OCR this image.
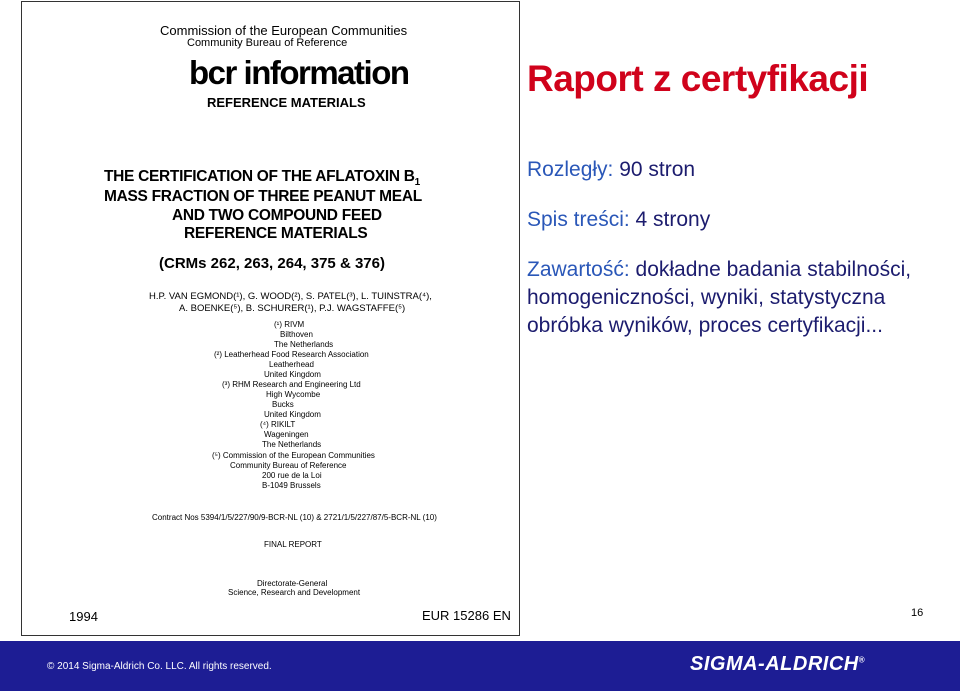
Commission of the European Communities
Community Bureau of Reference
bcr information
REFERENCE MATERIALS
THE CERTIFICATION OF THE AFLATOXIN $B_1$
MASS FRACTION OF THREE PEANUT MEAL
AND TWO COMPOUND FEED
REFERENCE MATERIALS
(CRMs 262, 263, 264, 375 & 376)
H.P. VAN EGMOND(¹), G. WOOD(²), S. PATEL(³), L. TUINSTRA(⁴),
A. BOENKE(⁵), B. SCHURER(¹), P.J. WAGSTAFFE(⁵)
(¹) RIVM
Bilthoven
The Netherlands
(²) Leatherhead Food Research Association
Leatherhead
United Kingdom
(³) RHM Research and Engineering Ltd
High Wycombe
Bucks
United Kingdom
(⁴) RIKILT
Wageningen
The Netherlands
(⁵) Commission of the European Communities
Community Bureau of Reference
200 rue de la Loi
B-1049 Brussels
Contract Nos 5394/1/5/227/90/9-BCR-NL (10) & 2721/1/5/227/87/5-BCR-NL (10)
FINAL REPORT
Directorate-General
Science, Research and Development
1994	EUR 15286 EN
Raport z certyfikacji
Rozległy: 90 stron
Spis treści: 4 strony
Zawartość: dokładne badania stabilności, homogeniczności, wyniki, statystyczna obróbka wyników, proces certyfikacji...
16
© 2014 Sigma-Aldrich Co. LLC. All rights reserved.	SIGMA-ALDRICH®
